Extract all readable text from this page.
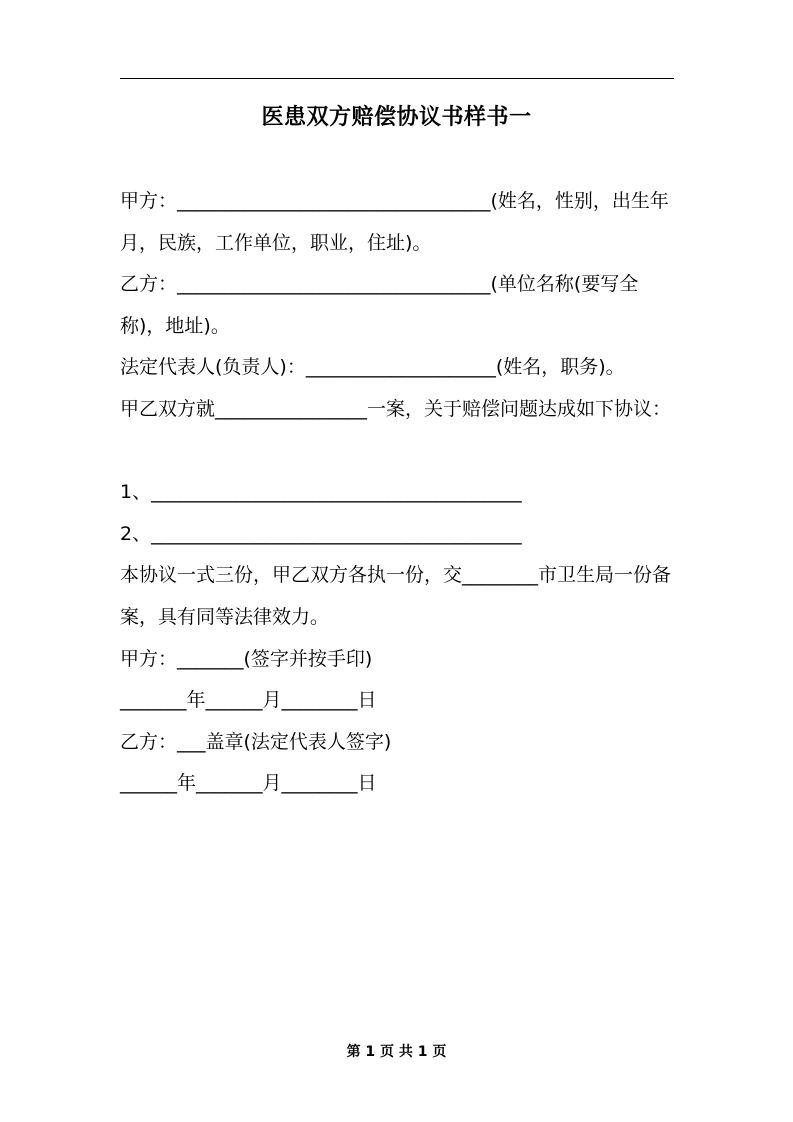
医患双方赔偿协议书样书一

甲方：_________________________________(姓名，性别，出生年月，民族，工作单位，职业，住址)。

乙方：_________________________________(单位名称(要写全称)，地址)。

法定代表人(负责人)：____________________(姓名，职务)。

甲乙双方就________________一案，关于赔偿问题达成如下协议：

1、_______________________________________

2、_______________________________________

本协议一式三份，甲乙双方各执一份，交________市卫生局一份备案，具有同等法律效力。

甲方：_______(签字并按手印)

_______年______月________日

乙方：___盖章(法定代表人签字)

______年_______月________日

第 1 页 共 1 页
